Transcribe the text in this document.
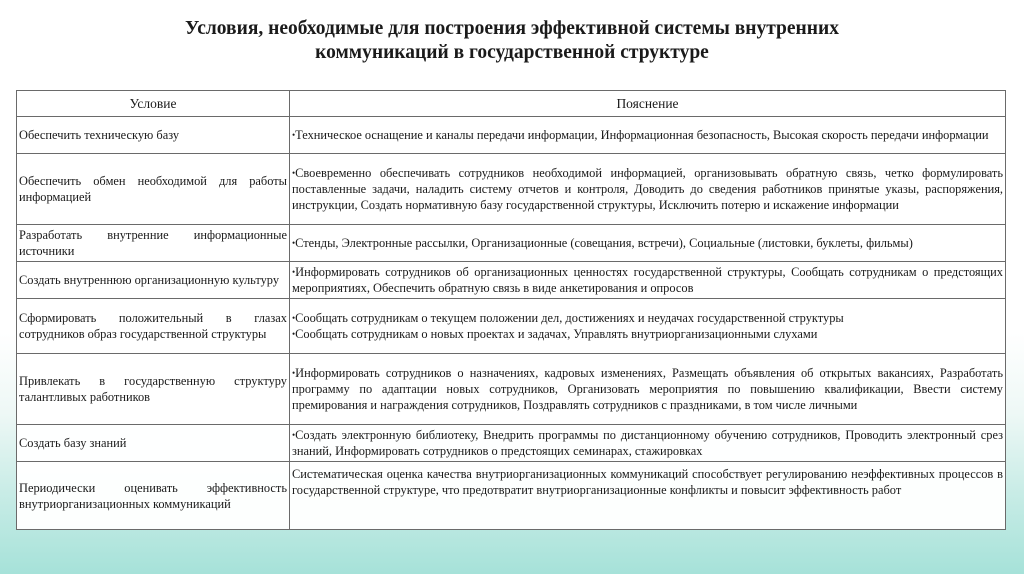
Условия, необходимые для построения эффективной системы внутренних
коммуникаций в государственной структуре
Условие	Пояснение
Обеспечить техническую базу	•Техническое оснащение и каналы передачи информации, Информационная безопасность, Высокая скорость передачи информации

Обеспечить обмен необходимой для работы информацией	•Своевременно обеспечивать сотрудников необходимой информацией, организовывать обратную связь, четко формулировать поставленные задачи, наладить систему отчетов и контроля, Доводить до сведения работников принятые указы, распоряжения, инструкции, Создать нормативную базу государственной структуры, Исключить потерю и искажение информации

Разработать внутренние информационные источники	•Стенды, Электронные рассылки, Организационные (совещания, встречи), Социальные (листовки, буклеты, фильмы)

Создать внутреннюю организационную культуру	•Информировать сотрудников об организационных ценностях государственной структуры, Сообщать сотрудникам о предстоящих мероприятиях, Обеспечить обратную связь в виде анкетирования и опросов

Сформировать положительный в глазах сотрудников образ государственной структуры	•Сообщать сотрудникам о текущем положении дел, достижениях и неудачах государственной структуры
•Сообщать сотрудникам о новых проектах и задачах, Управлять внутриорганизационными слухами

Привлекать в государственную структуру талантливых работников	•Информировать сотрудников о назначениях, кадровых изменениях, Размещать объявления об открытых вакансиях, Разработать программу по адаптации новых сотрудников, Организовать мероприятия по повышению квалификации, Ввести систему премирования и награждения сотрудников, Поздравлять сотрудников с праздниками, в том числе личными

Создать базу знаний	•Создать электронную библиотеку, Внедрить программы по дистанционному обучению сотрудников, Проводить электронный срез знаний, Информировать сотрудников о предстоящих семинарах, стажировках

Периодически оценивать эффективность внутриорганизационных коммуникаций	Систематическая оценка качества внутриорганизационных коммуникаций способствует регулированию неэффективных процессов в государственной структуре, что предотвратит внутриорганизационные конфликты и повысит эффективность работ
